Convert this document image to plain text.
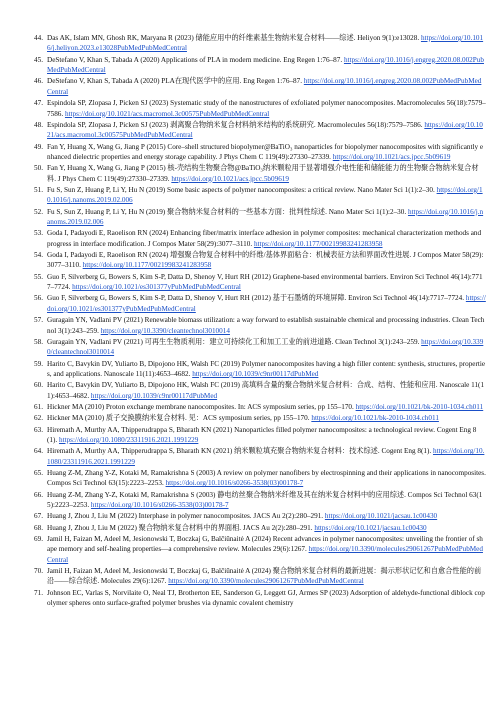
44. Das AK, Islam MN, Ghosh RK, Maryana R (2023) 储能应用中的纤维素基生物纳米复合材料——综述. Heliyon 9(1):e13028. https://doi.org/10.1016/j.heliyon.2023.e13028PubMedPubMedCentral
45. DeStefano V, Khan S, Tabada A (2020) Applications of PLA in modern medicine. Eng Regen 1:76–87. https://doi.org/10.1016/j.engreg.2020.08.002PubMedPubMedCentral
46. DeStefano V, Khan S, Tabada A (2020) PLA在现代医学中的应用. Eng Regen 1:76–87. https://doi.org/10.1016/j.engreg.2020.08.002PubMedPubMedCentral
47. Espindola SP, Zlopasa J, Picken SJ (2023) Systematic study of the nanostructures of exfoliated polymer nanocomposites. Macromolecules 56(18):7579–7586. https://doi.org/10.1021/acs.macromol.3c00575PubMedPubMedCentral
48. Espindola SP, Zlopasa J, Picken SJ (2023) 剥离聚合物纳米复合材料纳米结构的系统研究. Macromolecules 56(18):7579–7586. https://doi.org/10.1021/acs.macromol.3c00575PubMedPubMedCentral
49. Fan Y, Huang X, Wang G, Jiang P (2015) Core–shell structured biopolymer@BaTiO₃ nanoparticles for biopolymer nanocomposites with significantly enhanced dielectric properties and energy storage capability. J Phys Chem C 119(49):27330–27339. https://doi.org/10.1021/acs.jpcc.5b09619
50. Fan Y, Huang X, Wang G, Jiang P (2015) 核-壳结构生物聚合物@BaTiO₃纳米颗粒用于显著增强介电性能和储能能力的生物聚合物纳米复合材料. J Phys Chem C 119(49):27330–27339. https://doi.org/10.1021/acs.jpcc.5b09619
51. Fu S, Sun Z, Huang P, Li Y, Hu N (2019) Some basic aspects of polymer nanocomposites: a critical review. Nano Mater Sci 1(1):2–30. https://doi.org/10.1016/j.nanoms.2019.02.006
52. Fu S, Sun Z, Huang P, Li Y, Hu N (2019) 聚合物纳米复合材料的一些基本方面：批判性综述. Nano Mater Sci 1(1):2–30. https://doi.org/10.1016/j.nanoms.2019.02.006
53. Goda I, Padayodi E, Raoelison RN (2024) Enhancing fiber/matrix interface adhesion in polymer composites: mechanical characterization methods and progress in interface modification. J Compos Mater 58(29):3077–3110. https://doi.org/10.1177/00219983241283958
54. Goda I, Padayodi E, Raoelison RN (2024) 增强聚合物复合材料中的纤维/基体界面粘合：机械表征方法和界面改性进展. J Compos Mater 58(29):3077–3110. https://doi.org/10.1177/00219983241283958
55. Guo F, Silverberg G, Bowers S, Kim S-P, Datta D, Shenoy V, Hurt RH (2012) Graphene-based environmental barriers. Environ Sci Technol 46(14):7717–7724. https://doi.org/10.1021/es301377yPubMedPubMedCentral
56. Guo F, Silverberg G, Bowers S, Kim S-P, Datta D, Shenoy V, Hurt RH (2012) 基于石墨烯的环境屏障. Environ Sci Technol 46(14):7717–7724. https://doi.org/10.1021/es301377yPubMedPubMedCentral
57. Guragain YN, Vadlani PV (2021) Renewable biomass utilization: a way forward to establish sustainable chemical and processing industries. Clean Technol 3(1):243–259. https://doi.org/10.3390/cleantechnol3010014
58. Guragain YN, Vadlani PV (2021) 可再生生物质利用：建立可持续化工和加工工业的前进道路. Clean Technol 3(1):243–259. https://doi.org/10.3390/cleantechnol3010014
59. Harito C, Bavykin DV, Yuliarto B, Dipojono HK, Walsh FC (2019) Polymer nanocomposites having a high filler content: synthesis, structures, properties, and applications. Nanoscale 11(11):4653–4682. https://doi.org/10.1039/c9nr00117dPubMed
60. Harito C, Bavykin DV, Yuliarto B, Dipojono HK, Walsh FC (2019) 高填料含量的聚合物纳米复合材料：合成、结构、性能和应用. Nanoscale 11(11):4653–4682. https://doi.org/10.1039/c9nr00117dPubMed
61. Hickner MA (2010) Proton exchange membrane nanocomposites. In: ACS symposium series, pp 155–170. https://doi.org/10.1021/bk-2010-1034.ch011
62. Hickner MA (2010) 质子交换膜纳米复合材料. 见：ACS symposium series, pp 155–170. https://doi.org/10.1021/bk-2010-1034.ch011
63. Hiremath A, Murthy AA, Thipperudrappa S, Bharath KN (2021) Nanoparticles filled polymer nanocomposites: a technological review. Cogent Eng 8(1). https://doi.org/10.1080/23311916.2021.1991229
64. Hiremath A, Murthy AA, Thipperudrappa S, Bharath KN (2021) 纳米颗粒填充聚合物纳米复合材料：技术综述. Cogent Eng 8(1). https://doi.org/10.1080/23311916.2021.1991229
65. Huang Z-M, Zhang Y-Z, Kotaki M, Ramakrishna S (2003) A review on polymer nanofibers by electrospinning and their applications in nanocomposites. Compos Sci Technol 63(15):2223–2253. https://doi.org/10.1016/s0266-3538(03)00178-7
66. Huang Z-M, Zhang Y-Z, Kotaki M, Ramakrishna S (2003) 静电纺丝聚合物纳米纤维及其在纳米复合材料中的应用综述. Compos Sci Technol 63(15):2223–2253. https://doi.org/10.1016/s0266-3538(03)00178-7
67. Huang J, Zhou J, Liu M (2022) Interphase in polymer nanocomposites. JACS Au 2(2):280–291. https://doi.org/10.1021/jacsau.1c00430
68. Huang J, Zhou J, Liu M (2022) 聚合物纳米复合材料中的界面相. JACS Au 2(2):280–291. https://doi.org/10.1021/jacsau.1c00430
69. Jamil H, Faizan M, Adeel M, Jesionowski T, Boczkaj G, Balčiūnaitė A (2024) Recent advances in polymer nanocomposites: unveiling the frontier of shape memory and self-healing properties—a comprehensive review. Molecules 29(6):1267. https://doi.org/10.3390/molecules29061267PubMedPubMedCentral
70. Jamil H, Faizan M, Adeel M, Jesionowski T, Boczkaj G, Balčiūnaitė A (2024) 聚合物纳米复合材料的最新进展：揭示形状记忆和自愈合性能的前沿——综合综述. Molecules 29(6):1267. https://doi.org/10.3390/molecules29061267PubMedPubMedCentral
71. Johnson EC, Varlas S, Norvilaite O, Neal TJ, Brotherton EE, Sanderson G, Leggett GJ, Armes SP (2023) Adsorption of aldehyde-functional diblock copolymer spheres onto surface-grafted polymer brushes via dynamic covalent chemistry
